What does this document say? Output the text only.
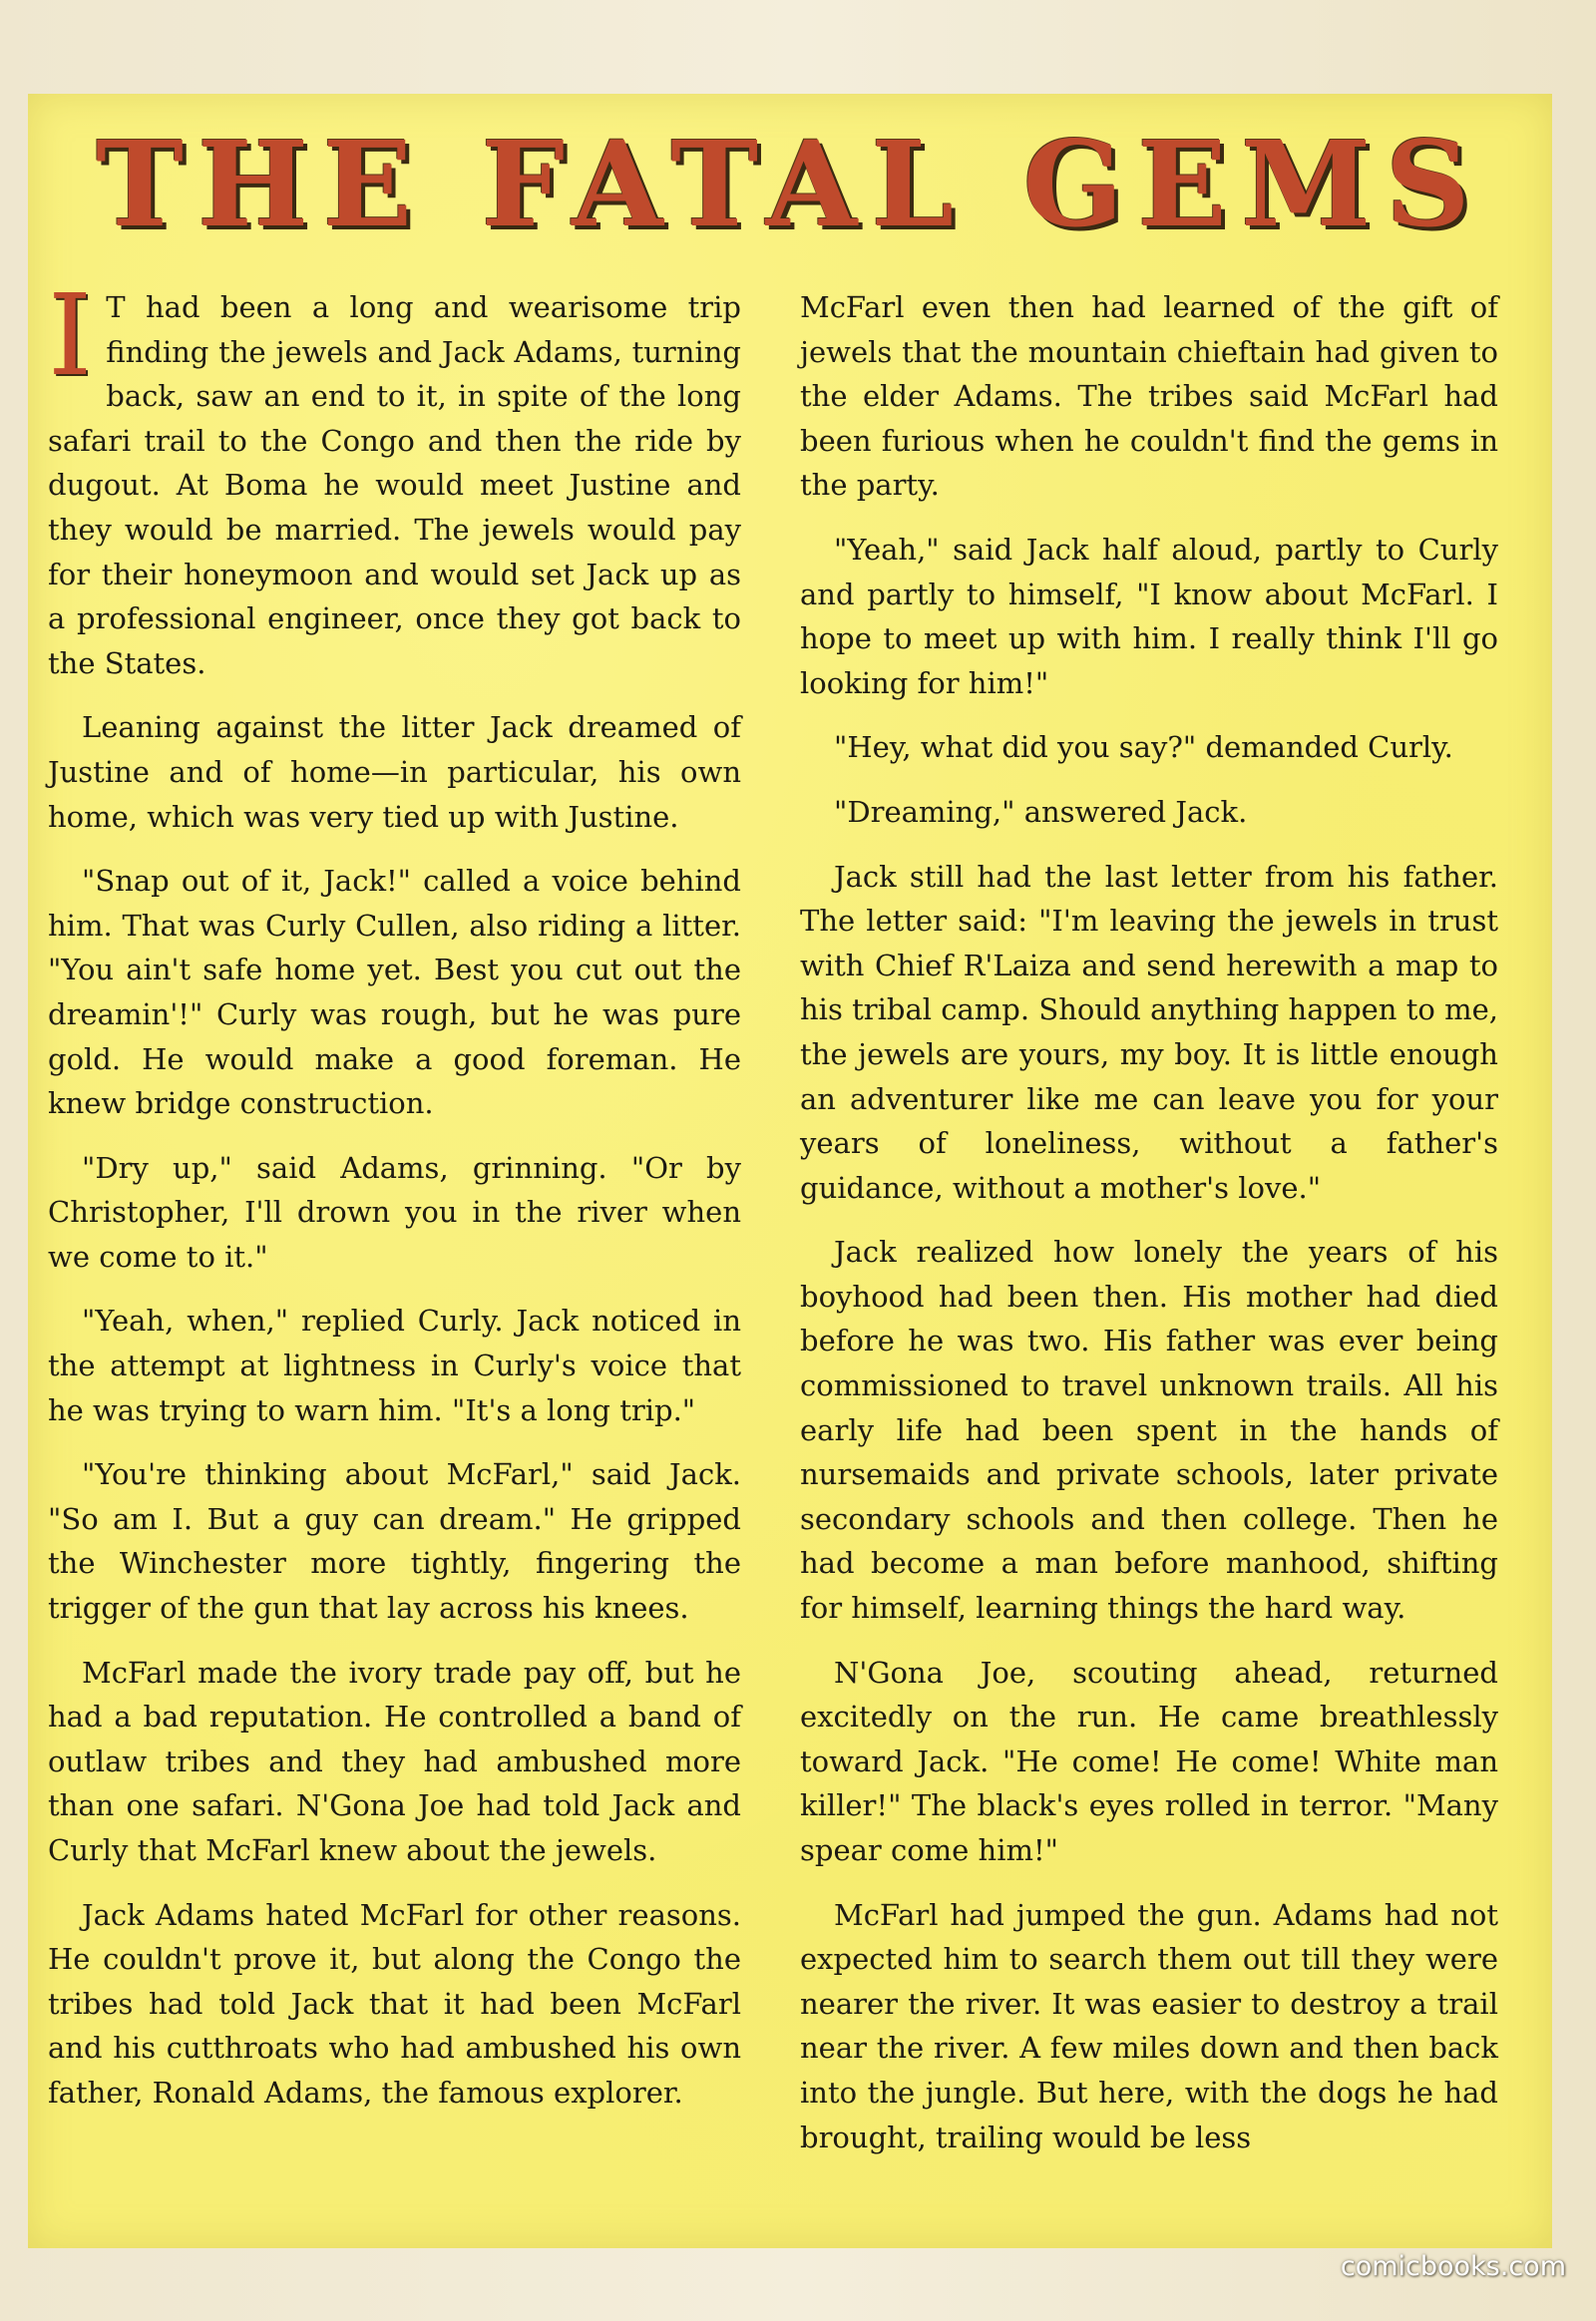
THE FATAL GEMS

I T had been a long and wearisome trip finding the jewels and Jack Adams, turning back, saw an end to it, in spite of the long safari trail to the Congo and then the ride by dugout. At Boma he would meet Justine and they would be married. The jewels would pay for their honeymoon and would set Jack up as a professional engineer, once they got back to the States.

Leaning against the litter Jack dreamed of Justine and of home—in particular, his own home, which was very tied up with Justine.

"Snap out of it, Jack!" called a voice behind him. That was Curly Cullen, also riding a litter. "You ain't safe home yet. Best you cut out the dreamin'!" Curly was rough, but he was pure gold. He would make a good foreman. He knew bridge construction.

"Dry up," said Adams, grinning. "Or by Christopher, I'll drown you in the river when we come to it."

"Yeah, when," replied Curly. Jack noticed in the attempt at lightness in Curly's voice that he was trying to warn him. "It's a long trip."

"You're thinking about McFarl," said Jack. "So am I. But a guy can dream." He gripped the Winchester more tightly, fingering the trigger of the gun that lay across his knees.

McFarl made the ivory trade pay off, but he had a bad reputation. He controlled a band of outlaw tribes and they had ambushed more than one safari. N'Gona Joe had told Jack and Curly that McFarl knew about the jewels.

Jack Adams hated McFarl for other reasons. He couldn't prove it, but along the Congo the tribes had told Jack that it had been McFarl and his cutthroats who had ambushed his own father, Ronald Adams, the famous explorer.

McFarl even then had learned of the gift of jewels that the mountain chieftain had given to the elder Adams. The tribes said McFarl had been furious when he couldn't find the gems in the party.

"Yeah," said Jack half aloud, partly to Curly and partly to himself, "I know about McFarl. I hope to meet up with him. I really think I'll go looking for him!"

"Hey, what did you say?" demanded Curly.

"Dreaming," answered Jack.

Jack still had the last letter from his father. The letter said: "I'm leaving the jewels in trust with Chief R'Laiza and send herewith a map to his tribal camp. Should anything happen to me, the jewels are yours, my boy. It is little enough an adventurer like me can leave you for your years of loneliness, without a father's guidance, without a mother's love."

Jack realized how lonely the years of his boyhood had been then. His mother had died before he was two. His father was ever being commissioned to travel unknown trails. All his early life had been spent in the hands of nursemaids and private schools, later private secondary schools and then college. Then he had become a man before manhood, shifting for himself, learning things the hard way.

N'Gona Joe, scouting ahead, returned excitedly on the run. He came breathlessly toward Jack. "He come! He come! White man killer!" The black's eyes rolled in terror. "Many spear come him!"

McFarl had jumped the gun. Adams had not expected him to search them out till they were nearer the river. It was easier to destroy a trail near the river. A few miles down and then back into the jungle. But here, with the dogs he had brought, trailing would be less

comicbooks.com
